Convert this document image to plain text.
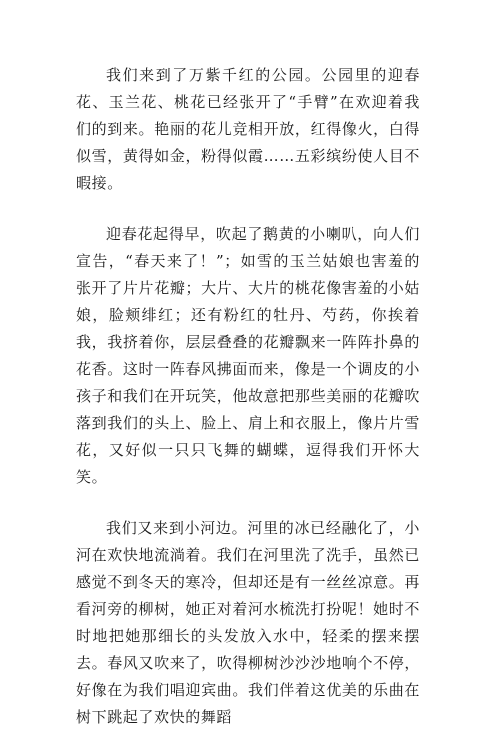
我们来到了万紫千红的公园。公园里的迎春花、玉兰花、桃花已经张开了“手臂”在欢迎着我们的到来。艳丽的花儿竞相开放，红得像火，白得似雪，黄得如金，粉得似霞……五彩缤纷使人目不暇接。

迎春花起得早，吹起了鹅黄的小喇叭，向人们宣告，“春天来了！”；如雪的玉兰姑娘也害羞的张开了片片花瓣；大片、大片的桃花像害羞的小姑娘，脸颊绯红；还有粉红的牡丹、芍药，你挨着我，我挤着你，层层叠叠的花瓣飘来一阵阵扑鼻的花香。这时一阵春风拂面而来，像是一个调皮的小孩子和我们在开玩笑，他故意把那些美丽的花瓣吹落到我们的头上、脸上、肩上和衣服上，像片片雪花，又好似一只只飞舞的蝴蝶，逗得我们开怀大笑。

我们又来到小河边。河里的冰已经融化了，小河在欢快地流淌着。我们在河里洗了洗手，虽然已感觉不到冬天的寒冷，但却还是有一丝丝凉意。再看河旁的柳树，她正对着河水梳洗打扮呢！她时不时地把她那细长的头发放入水中，轻柔的摆来摆去。春风又吹来了，吹得柳树沙沙沙地响个不停，好像在为我们唱迎宾曲。我们伴着这优美的乐曲在树下跳起了欢快的舞蹈
